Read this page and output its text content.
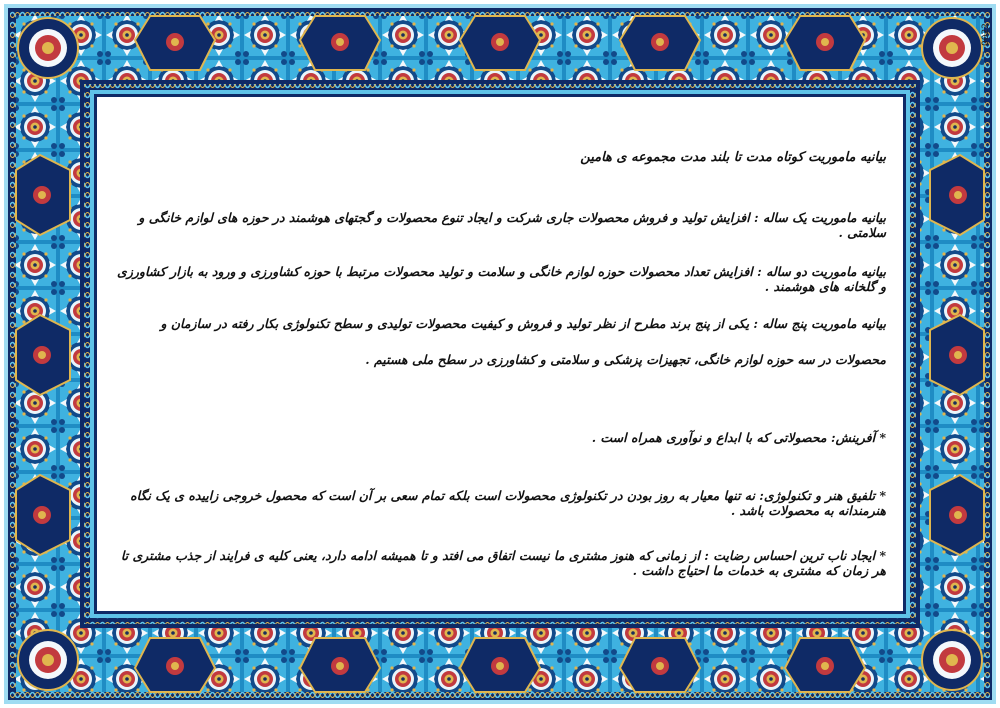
0022

بیانیه ماموریت کوتاه مدت تا بلند مدت مجموعه ی هامین

بیانیه ماموریت یک ساله : افزایش تولید و فروش محصولات جاری شرکت و ایجاد تنوع محصولات و گجتهای هوشمند در حوزه های لوازم خانگی و سلامتی .

بیانیه ماموریت دو ساله : افزایش تعداد محصولات حوزه لوازم خانگی و سلامت و تولید محصولات مرتبط با حوزه کشاورزی و ورود به بازار کشاورزی و گلخانه های هوشمند .

بیانیه ماموریت پنج ساله : یکی از پنج برند مطرح از نظر تولید و فروش و کیفیت محصولات تولیدی و سطح تکنولوژی بکار رفته در سازمان و محصولات در سه حوزه لوازم خانگی، تجهیزات پزشکی و سلامتی و کشاورزی در سطح ملی هستیم .

* آفرینش: محصولاتی که با ابداع و نوآوری همراه است .

* تلفیق هنر و تکنولوژی: نه تنها معیار به روز بودن در تکنولوژی محصولات است بلکه تمام سعی بر آن است که محصول خروجی زاییده ی یک نگاه هنرمندانه به محصولات باشد .

* ایجاد ناب ترین احساس رضایت : از زمانی که هنوز مشتری ما نیست اتفاق می افتد و تا همیشه ادامه دارد، یعنی کلیه ی فرایند از جذب مشتری تا هر زمان که مشتری به خدمات ما احتیاج داشت .
